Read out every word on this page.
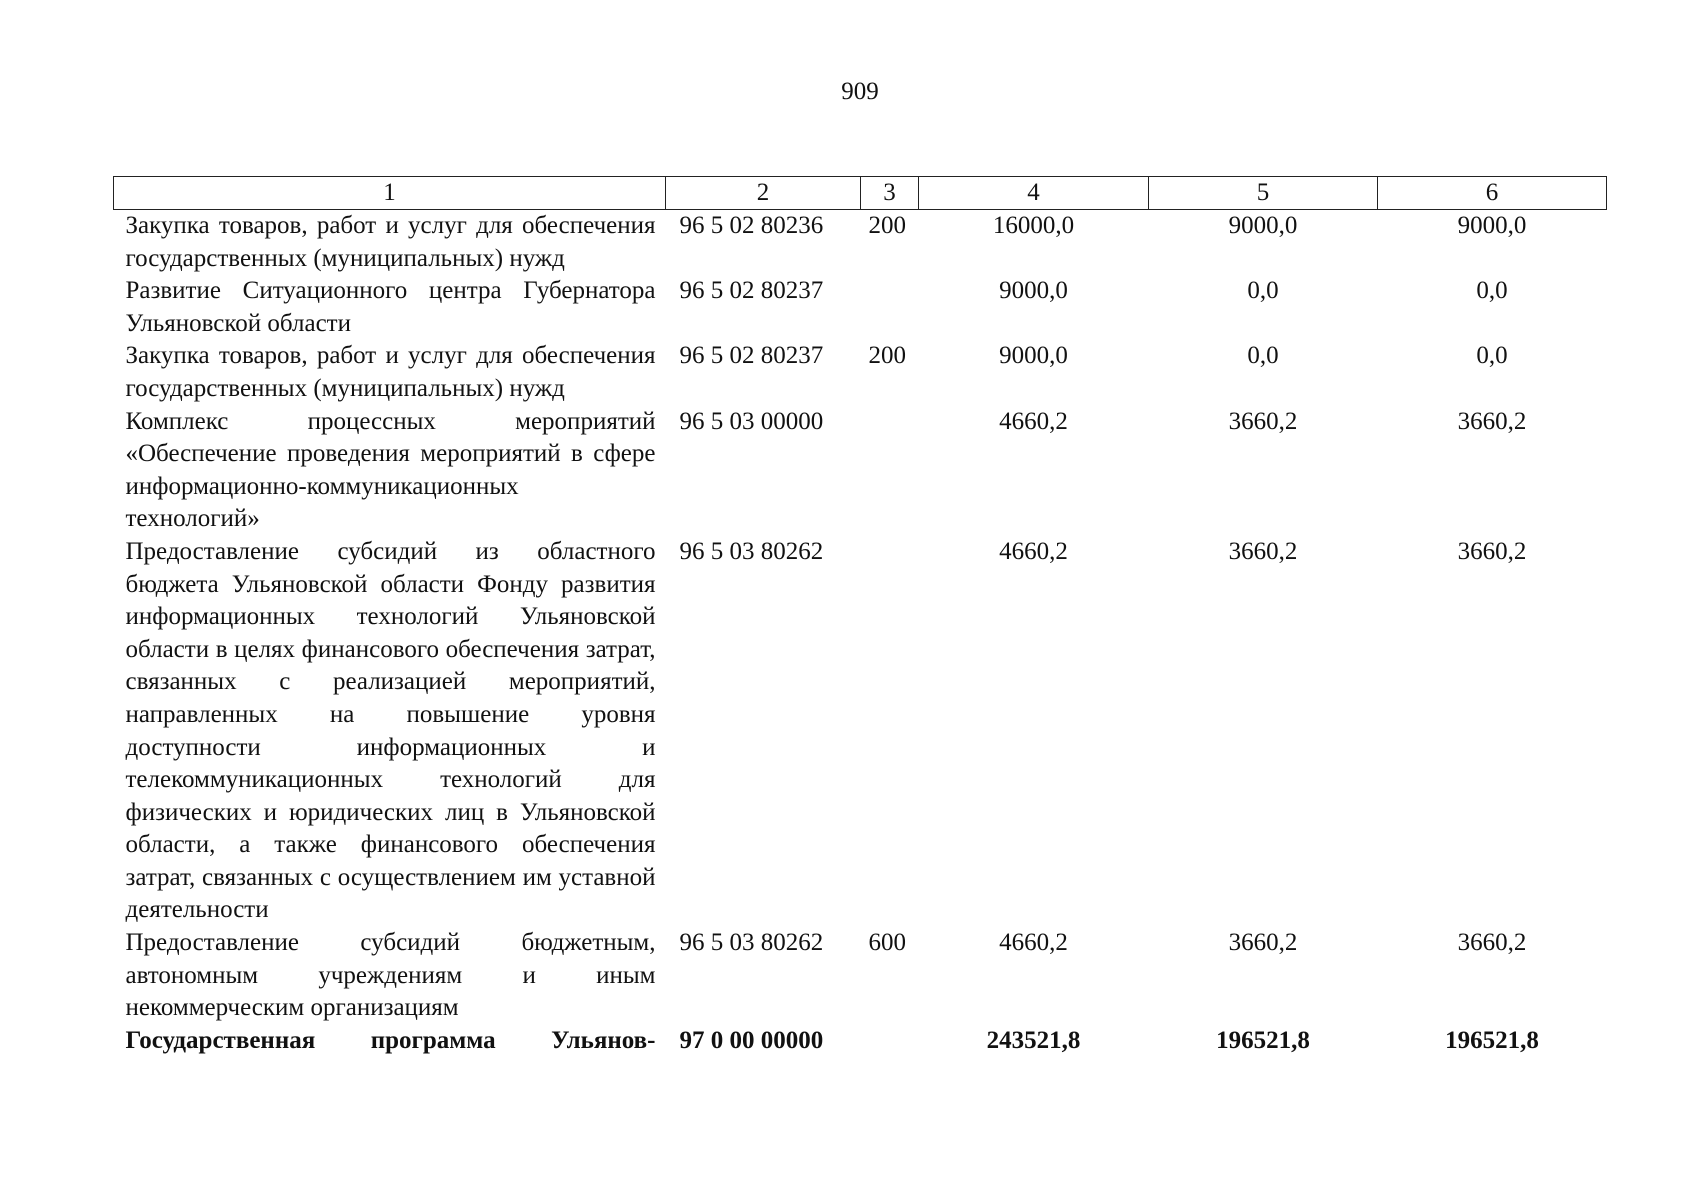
909
1	2	3	4	5	6
Закупка товаров, работ и услуг для обеспечения государственных (муниципальных) нужд	96 5 02 80236	200	16000,0	9000,0	9000,0
Развитие Ситуационного центра Губернатора Ульяновской области	96 5 02 80237		9000,0	0,0	0,0
Закупка товаров, работ и услуг для обеспечения государственных (муниципальных) нужд	96 5 02 80237	200	9000,0	0,0	0,0
Комплекс процессных мероприятий «Обеспечение проведения мероприятий в сфере информационно-коммуникационных технологий»	96 5 03 00000		4660,2	3660,2	3660,2
Предоставление субсидий из областного бюджета Ульяновской области Фонду развития информационных технологий Ульяновской области в целях финансового обеспечения затрат, связанных с реализацией мероприятий, направленных на повышение уровня доступности информационных и телекоммуникационных технологий для физических и юридических лиц в Ульяновской области, а также финансового обеспечения затрат, связанных с осуществлением им уставной деятельности	96 5 03 80262		4660,2	3660,2	3660,2
Предоставление субсидий бюджетным, автономным учреждениям и иным некоммерческим организациям	96 5 03 80262	600	4660,2	3660,2	3660,2
Государственная программа Ульянов-	97 0 00 00000		243521,8	196521,8	196521,8
